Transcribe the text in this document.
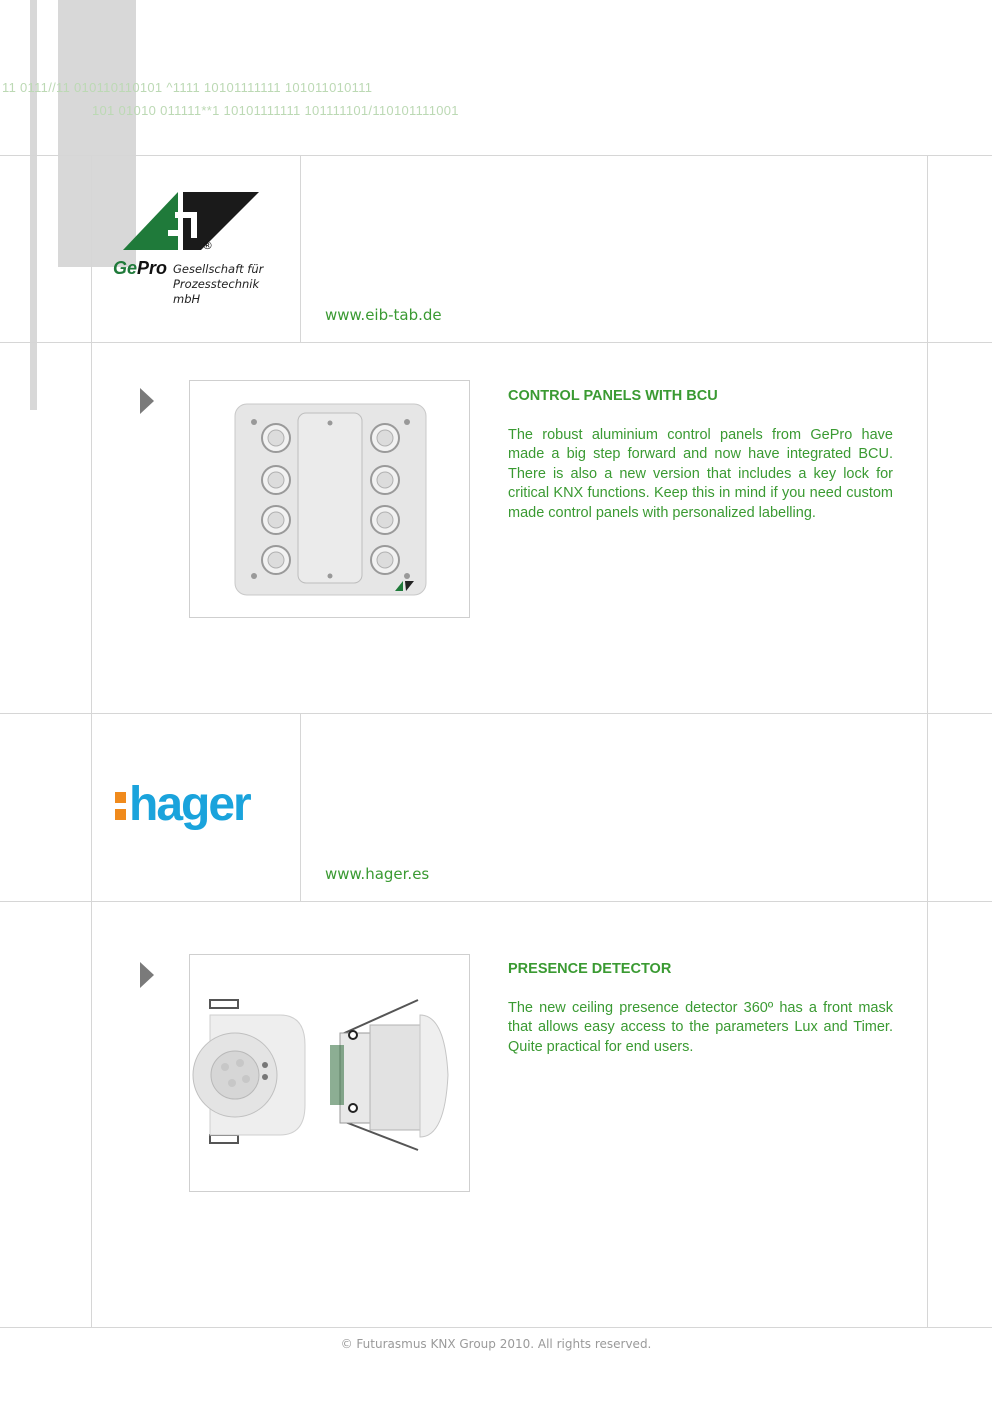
11 0111//11 010110110101 ^1111 10101111111 101011010111
101 01010 011111**1 10101111111 101111101/110101111001
®
GePro Gesellschaft für
Prozesstechnik
mbH
www.eib-tab.de
CONTROL PANELS WITH BCU
The robust aluminium control panels from GePro have made a big step forward and now have integrated BCU. There is also a new version that includes a key lock for critical KNX functions. Keep this in mind if you need custom made control panels with personalized labelling.
hager
www.hager.es
PRESENCE DETECTOR
The new ceiling presence detector 360º has a front mask that allows easy access to the parameters Lux and Timer. Quite practical for end users.
© Futurasmus KNX Group 2010. All rights reserved.
